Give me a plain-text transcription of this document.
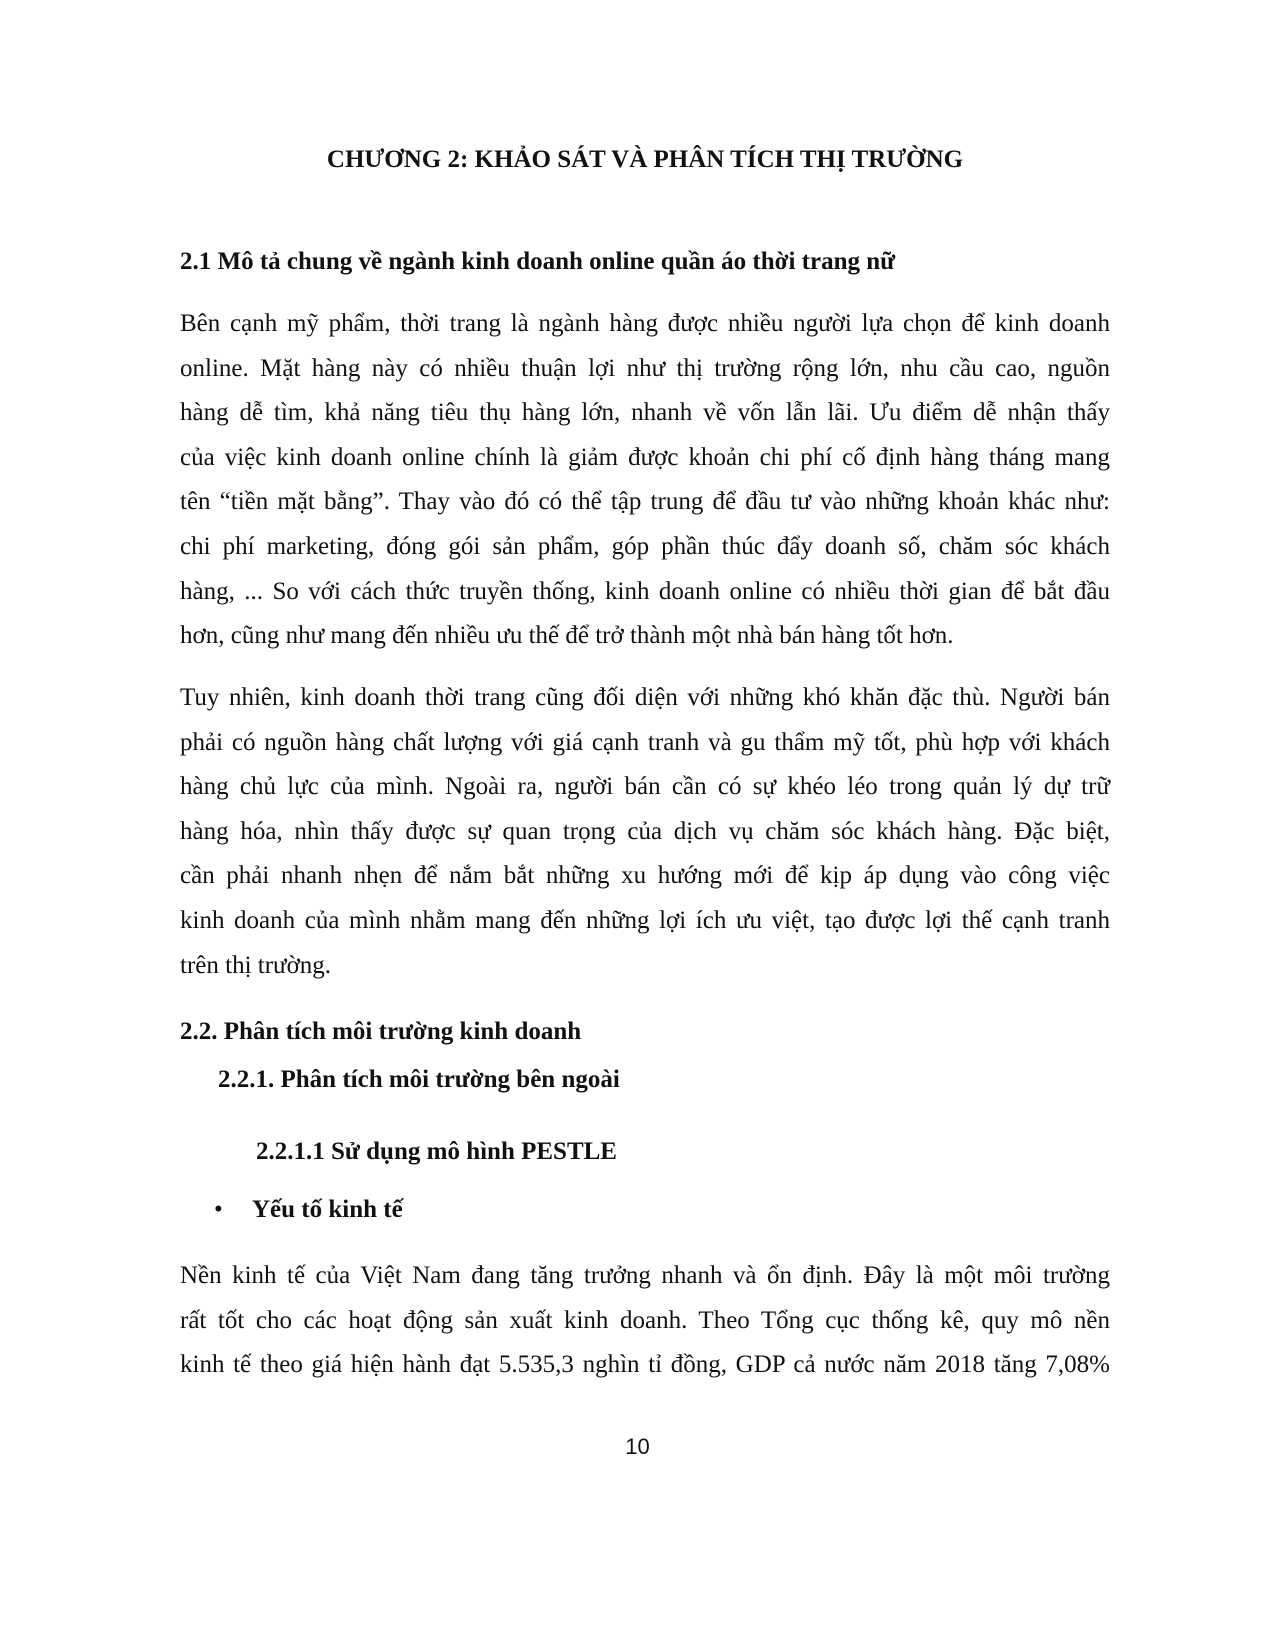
CHƯƠNG 2: KHẢO SÁT VÀ PHÂN TÍCH THỊ TRƯỜNG
2.1 Mô tả chung về ngành kinh doanh online quần áo thời trang nữ
Bên cạnh mỹ phẩm, thời trang là ngành hàng được nhiều người lựa chọn để kinh doanh
online. Mặt hàng này có nhiều thuận lợi như thị trường rộng lớn, nhu cầu cao, nguồn
hàng dễ tìm, khả năng tiêu thụ hàng lớn, nhanh về vốn lẫn lãi. Ưu điểm dễ nhận thấy
của việc kinh doanh online chính là giảm được khoản chi phí cố định hàng tháng mang
tên “tiền mặt bằng”. Thay vào đó có thể tập trung để đầu tư vào những khoản khác như:
chi phí marketing, đóng gói sản phẩm, góp phần thúc đẩy doanh số, chăm sóc khách
hàng, ... So với cách thức truyền thống, kinh doanh online có nhiều thời gian để bắt đầu
hơn, cũng như mang đến nhiều ưu thế để trở thành một nhà bán hàng tốt hơn.
Tuy nhiên, kinh doanh thời trang cũng đối diện với những khó khăn đặc thù. Người bán
phải có nguồn hàng chất lượng với giá cạnh tranh và gu thẩm mỹ tốt, phù hợp với khách
hàng chủ lực của mình. Ngoài ra, người bán cần có sự khéo léo trong quản lý dự trữ
hàng hóa, nhìn thấy được sự quan trọng của dịch vụ chăm sóc khách hàng. Đặc biệt,
cần phải nhanh nhẹn để nắm bắt những xu hướng mới để kịp áp dụng vào công việc
kinh doanh của mình nhằm mang đến những lợi ích ưu việt, tạo được lợi thế cạnh tranh
trên thị trường.
2.2. Phân tích môi trường kinh doanh
2.2.1. Phân tích môi trường bên ngoài
2.2.1.1 Sử dụng mô hình PESTLE
• Yếu tố kinh tế
Nền kinh tế của Việt Nam đang tăng trưởng nhanh và ổn định. Đây là một môi trường
rất tốt cho các hoạt động sản xuất kinh doanh. Theo Tổng cục thống kê, quy mô nền
kinh tế theo giá hiện hành đạt 5.535,3 nghìn tỉ đồng, GDP cả nước năm 2018 tăng 7,08%

10
